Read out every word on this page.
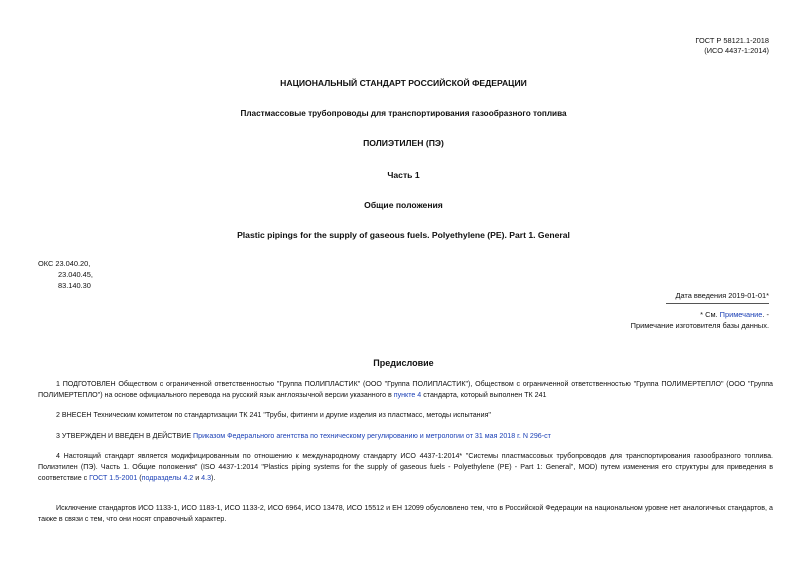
ГОСТ Р 58121.1-2018
(ИСО 4437-1:2014)
НАЦИОНАЛЬНЫЙ СТАНДАРТ РОССИЙСКОЙ ФЕДЕРАЦИИ
Пластмассовые трубопроводы для транспортирования газообразного топлива
ПОЛИЭТИЛЕН (ПЭ)
Часть 1
Общие положения
Plastic pipings for the supply of gaseous fuels. Polyethylene (PE). Part 1. General
ОКС 23.040.20,
23.040.45,
83.140.30
Дата введения 2019-01-01*
* См. Примечание. -
Примечание изготовителя базы данных.
Предисловие
1 ПОДГОТОВЛЕН Обществом с ограниченной ответственностью "Группа ПОЛИПЛАСТИК" (ООО "Группа ПОЛИПЛАСТИК"), Обществом с ограниченной ответственностью "Группа ПОЛИМЕРТЕПЛО" (ООО "Группа ПОЛИМЕРТЕПЛО") на основе официального перевода на русский язык англоязычной версии указанного в пункте 4 стандарта, который выполнен ТК 241
2 ВНЕСЕН Техническим комитетом по стандартизации ТК 241 "Трубы, фитинги и другие изделия из пластмасс, методы испытания"
3 УТВЕРЖДЕН И ВВЕДЕН В ДЕЙСТВИЕ Приказом Федерального агентства по техническому регулированию и метрологии от 31 мая 2018 г. N 296-ст
4 Настоящий стандарт является модифицированным по отношению к международному стандарту ИСО 4437-1:2014* "Системы пластмассовых трубопроводов для транспортирования газообразного топлива. Полиэтилен (ПЭ). Часть 1. Общие положения" (ISO 4437-1:2014 "Plastics piping systems for the supply of gaseous fuels - Polyethylene (PE) - Part 1: General", MOD) путем изменения его структуры для приведения в соответствие с ГОСТ 1.5-2001 (подразделы 4.2 и 4.3).
Исключение стандартов ИСО 1133-1, ИСО 1183-1, ИСО 1133-2, ИСО 6964, ИСО 13478, ИСО 15512 и ЕН 12099 обусловлено тем, что в Российской Федерации на национальном уровне нет аналогичных стандартов, а также в связи с тем, что они носят справочный характер.
